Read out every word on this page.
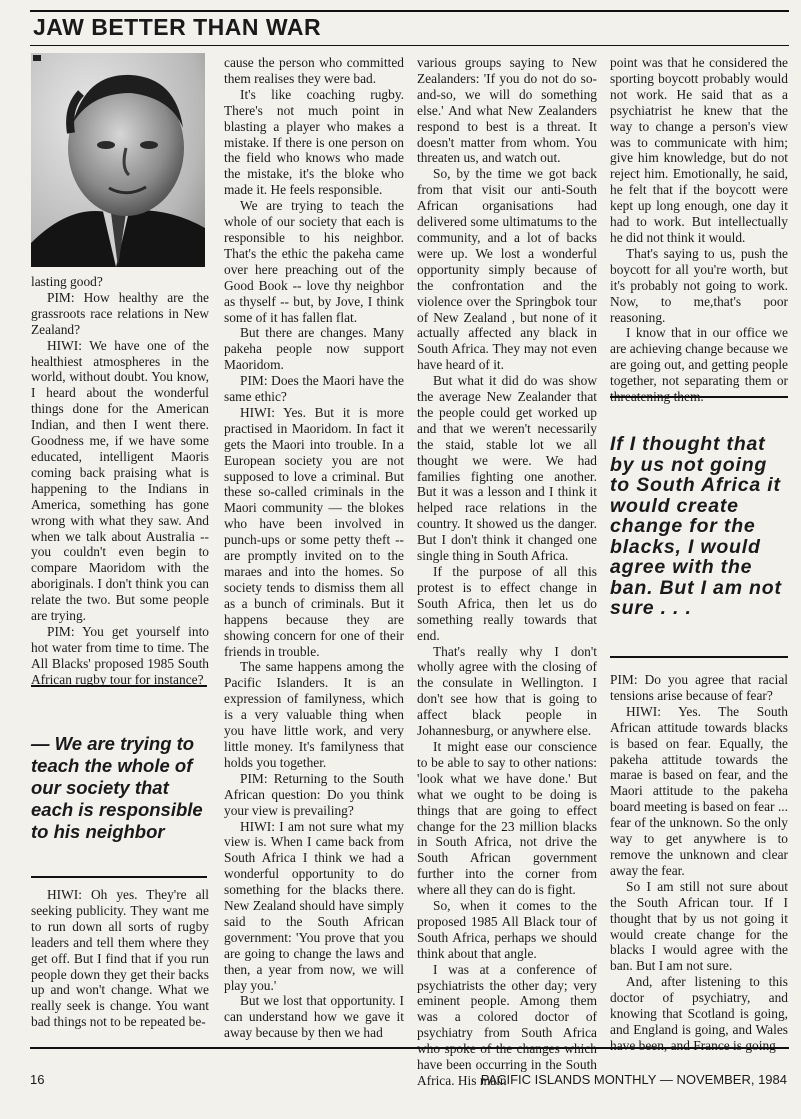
JAW BETTER THAN WAR

lasting good?

PIM: How healthy are the grassroots race relations in New Zealand?

HIWI: We have one of the healthiest atmospheres in the world, without doubt. You know, I heard about the wonderful things done for the American Indian, and then I went there. Goodness me, if we have some educated, intelligent Maoris coming back praising what is happening to the Indians in America, something has gone wrong with what they saw. And when we talk about Australia -- you couldn't even begin to compare Maoridom with the aboriginals. I don't think you can relate the two. But some people are trying.

PIM: You get yourself into hot water from time to time. The All Blacks' proposed 1985 South African rugby tour for instance?

— We are trying to teach the whole of our society that each is responsible to his neighbor

HIWI: Oh yes. They're all seeking publicity. They want me to run down all sorts of rugby leaders and tell them where they get off. But I find that if you run people down they get their backs up and won't change. What we really seek is change. You want bad things not to be repeated be-

cause the person who committed them realises they were bad.

It's like coaching rugby. There's not much point in blasting a player who makes a mistake. If there is one person on the field who knows who made the mistake, it's the bloke who made it. He feels responsible.

We are trying to teach the whole of our society that each is responsible to his neighbor. That's the ethic the pakeha came over here preaching out of the Good Book -- love thy neighbor as thyself -- but, by Jove, I think some of it has fallen flat.

But there are changes. Many pakeha people now support Maoridom.

PIM: Does the Maori have the same ethic?

HIWI: Yes. But it is more practised in Maoridom. In fact it gets the Maori into trouble. In a European society you are not supposed to love a criminal. But these so-called criminals in the Maori community — the blokes who have been involved in punch-ups or some petty theft --are promptly invited on to the maraes and into the homes. So society tends to dismiss them all as a bunch of criminals. But it happens because they are showing concern for one of their friends in trouble.

The same happens among the Pacific Islanders. It is an expression of familyness, which is a very valuable thing when you have little work, and very little money. It's familyness that holds you together.

PIM: Returning to the South African question: Do you think your view is prevailing?

HIWI: I am not sure what my view is. When I came back from South Africa I think we had a wonderful opportunity to do something for the blacks there. New Zealand should have simply said to the South African government: 'You prove that you are going to change the laws and then, a year from now, we will play you.'

But we lost that opportunity. I can understand how we gave it away because by then we had

various groups saying to New Zealanders: 'If you do not do so-and-so, we will do something else.' And what New Zealanders respond to best is a threat. It doesn't matter from whom. You threaten us, and watch out.

So, by the time we got back from that visit our anti-South African organisations had delivered some ultimatums to the community, and a lot of backs were up. We lost a wonderful opportunity simply because of the confrontation and the violence over the Springbok tour of New Zealand , but none of it actually affected any black in South Africa. They may not even have heard of it.

But what it did do was show the average New Zealander that the people could get worked up and that we weren't necessarily the staid, stable lot we all thought we were. We had families fighting one another. But it was a lesson and I think it helped race relations in the country. It showed us the danger. But I don't think it changed one single thing in South Africa.

If the purpose of all this protest is to effect change in South Africa, then let us do something really towards that end.

That's really why I don't wholly agree with the closing of the consulate in Wellington. I don't see how that is going to affect black people in Johannesburg, or anywhere else.

It might ease our conscience to be able to say to other nations: 'look what we have done.' But what we ought to be doing is things that are going to effect change for the 23 million blacks in South Africa, not drive the South African government further into the corner from where all they can do is fight.

So, when it comes to the proposed 1985 All Black tour of South Africa, perhaps we should think about that angle.

I was at a conference of psychiatrists the other day; very eminent people. Among them was a colored doctor of psychiatry from South Africa who spoke of the changes which have been occurring in the South Africa. His main

point was that he considered the sporting boycott probably would not work. He said that as a psychiatrist he knew that the way to change a person's view was to communicate with him; give him knowledge, but do not reject him. Emotionally, he said, he felt that if the boycott were kept up long enough, one day it had to work. But intellectually he did not think it would.

That's saying to us, push the boycott for all you're worth, but it's probably not going to work. Now, to me,that's poor reasoning.

I know that in our office we are achieving change because we are going out, and getting people together, not separating them or threatening them.

If I thought that by us not going to South Africa it would create change for the blacks, I would agree with the ban. But I am not sure . . .

PIM: Do you agree that racial tensions arise because of fear?

HIWI: Yes. The South African attitude towards blacks is based on fear. Equally, the pakeha attitude towards the marae is based on fear, and the Maori attitude to the pakeha board meeting is based on fear ... fear of the unknown. So the only way to get anywhere is to remove the unknown and clear away the fear.

So I am still not sure about the South African tour. If I thought that by us not going it would create change for the blacks I would agree with the ban. But I am not sure.

And, after listening to this doctor of psychiatry, and knowing that Scotland is going, and England is going, and Wales have been, and France is going

16	PACIFIC ISLANDS MONTHLY — NOVEMBER, 1984
